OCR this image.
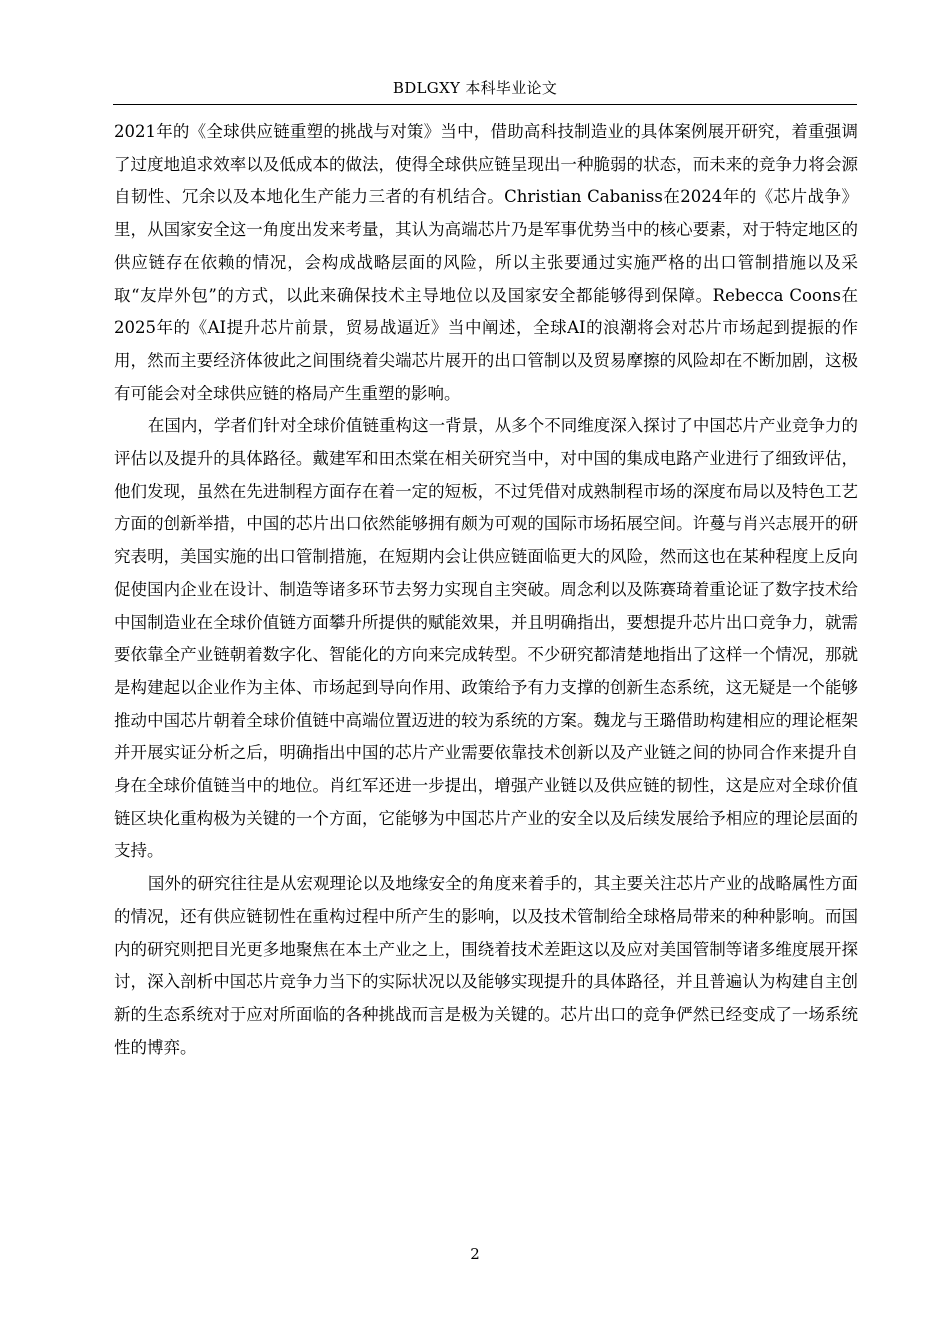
BDLGXY 本科毕业论文

2021年的《全球供应链重塑的挑战与对策》当中，借助高科技制造业的具体案例展开研究，着重强调了过度地追求效率以及低成本的做法，使得全球供应链呈现出一种脆弱的状态，而未来的竞争力将会源自韧性、冗余以及本地化生产能力三者的有机结合。Christian Cabaniss在2024年的《芯片战争》里，从国家安全这一角度出发来考量，其认为高端芯片乃是军事优势当中的核心要素，对于特定地区的供应链存在依赖的情况，会构成战略层面的风险，所以主张要通过实施严格的出口管制措施以及采取“友岸外包”的方式，以此来确保技术主导地位以及国家安全都能够得到保障。Rebecca Coons在2025年的《AI提升芯片前景，贸易战逼近》当中阐述，全球AI的浪潮将会对芯片市场起到提振的作用，然而主要经济体彼此之间围绕着尖端芯片展开的出口管制以及贸易摩擦的风险却在不断加剧，这极有可能会对全球供应链的格局产生重塑的影响。

在国内，学者们针对全球价值链重构这一背景，从多个不同维度深入探讨了中国芯片产业竞争力的评估以及提升的具体路径。戴建军和田杰棠在相关研究当中，对中国的集成电路产业进行了细致评估，他们发现，虽然在先进制程方面存在着一定的短板，不过凭借对成熟制程市场的深度布局以及特色工艺方面的创新举措，中国的芯片出口依然能够拥有颇为可观的国际市场拓展空间。许蔓与肖兴志展开的研究表明，美国实施的出口管制措施，在短期内会让供应链面临更大的风险，然而这也在某种程度上反向促使国内企业在设计、制造等诸多环节去努力实现自主突破。周念利以及陈赛琦着重论证了数字技术给中国制造业在全球价值链方面攀升所提供的赋能效果，并且明确指出，要想提升芯片出口竞争力，就需要依靠全产业链朝着数字化、智能化的方向来完成转型。不少研究都清楚地指出了这样一个情况，那就是构建起以企业作为主体、市场起到导向作用、政策给予有力支撑的创新生态系统，这无疑是一个能够推动中国芯片朝着全球价值链中高端位置迈进的较为系统的方案。魏龙与王璐借助构建相应的理论框架并开展实证分析之后，明确指出中国的芯片产业需要依靠技术创新以及产业链之间的协同合作来提升自身在全球价值链当中的地位。肖红军还进一步提出，增强产业链以及供应链的韧性，这是应对全球价值链区块化重构极为关键的一个方面，它能够为中国芯片产业的安全以及后续发展给予相应的理论层面的支持。

国外的研究往往是从宏观理论以及地缘安全的角度来着手的，其主要关注芯片产业的战略属性方面的情况，还有供应链韧性在重构过程中所产生的影响，以及技术管制给全球格局带来的种种影响。而国内的研究则把目光更多地聚焦在本土产业之上，围绕着技术差距这以及应对美国管制等诸多维度展开探讨，深入剖析中国芯片竞争力当下的实际状况以及能够实现提升的具体路径，并且普遍认为构建自主创新的生态系统对于应对所面临的各种挑战而言是极为关键的。芯片出口的竞争俨然已经变成了一场系统性的博弈。

2
